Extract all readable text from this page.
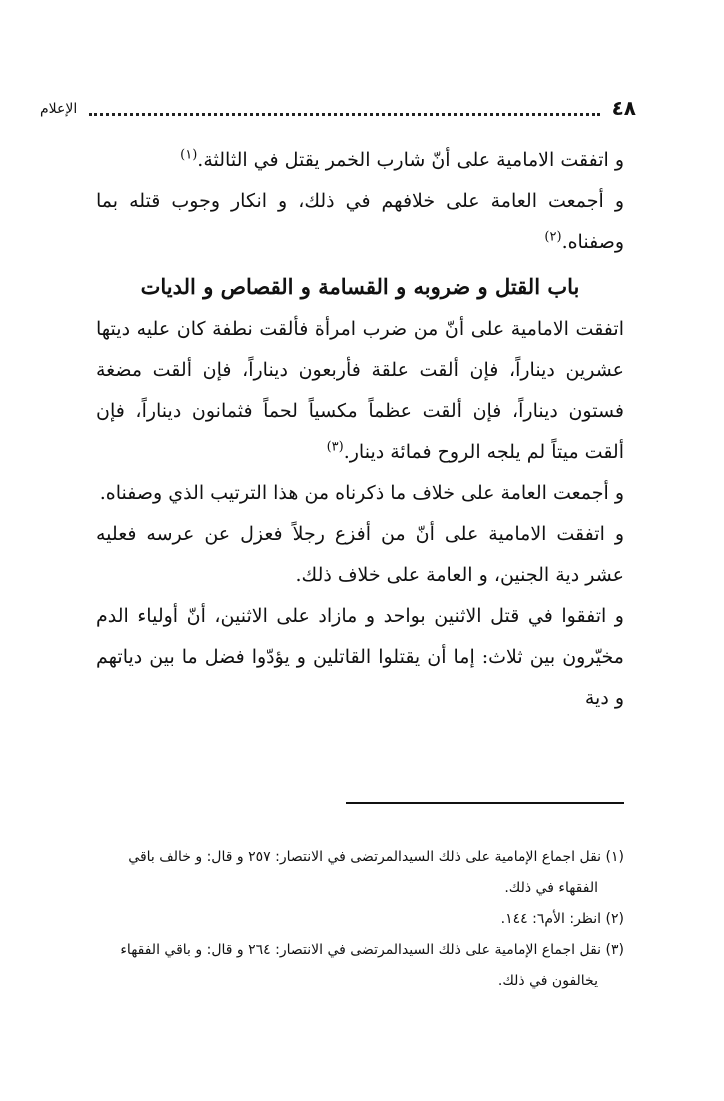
٤٨
الإعلام

و اتفقت الامامية على أنّ شارب الخمر يقتل في الثالثة.$^{(١)}$

و أجمعت العامة على خلافهم في ذلك، و انكار وجوب قتله بما وصفناه.$^{(٢)}$

باب القتل و ضروبه و القسامة و القصاص و الديات

اتفقت الامامية على أنّ من ضرب امرأة فألقت نطفة كان عليه ديتها عشرين ديناراً، فإن ألقت علقة فأربعون ديناراً، فإن ألقت مضغة فستون ديناراً، فإن ألقت عظماً مكسياً لحماً فثمانون ديناراً، فإن ألقت ميتاً لم يلجه الروح فمائة دينار.$^{(٣)}$

و أجمعت العامة على خلاف ما ذكرناه من هذا الترتيب الذي وصفناه.

و اتفقت الامامية على أنّ من أفزع رجلاً فعزل عن عرسه فعليه عشر دية الجنين، و العامة على خلاف ذلك.

و اتفقوا في قتل الاثنين بواحد و مازاد على الاثنين، أنّ أولياء الدم مخيّرون بين ثلاث: إما أن يقتلوا القاتلين و يؤدّوا فضل ما بين دياتهم و دية

(١) نقل اجماع الإمامية على ذلك السيدالمرتضى في الانتصار: ٢٥٧ و قال: و خالف باقي
الفقهاء في ذلك.

(٢) انظر: الأم٦: ١٤٤.

(٣) نقل اجماع الإمامية على ذلك السيدالمرتضى في الانتصار: ٢٦٤ و قال: و باقي الفقهاء
يخالفون في ذلك.
